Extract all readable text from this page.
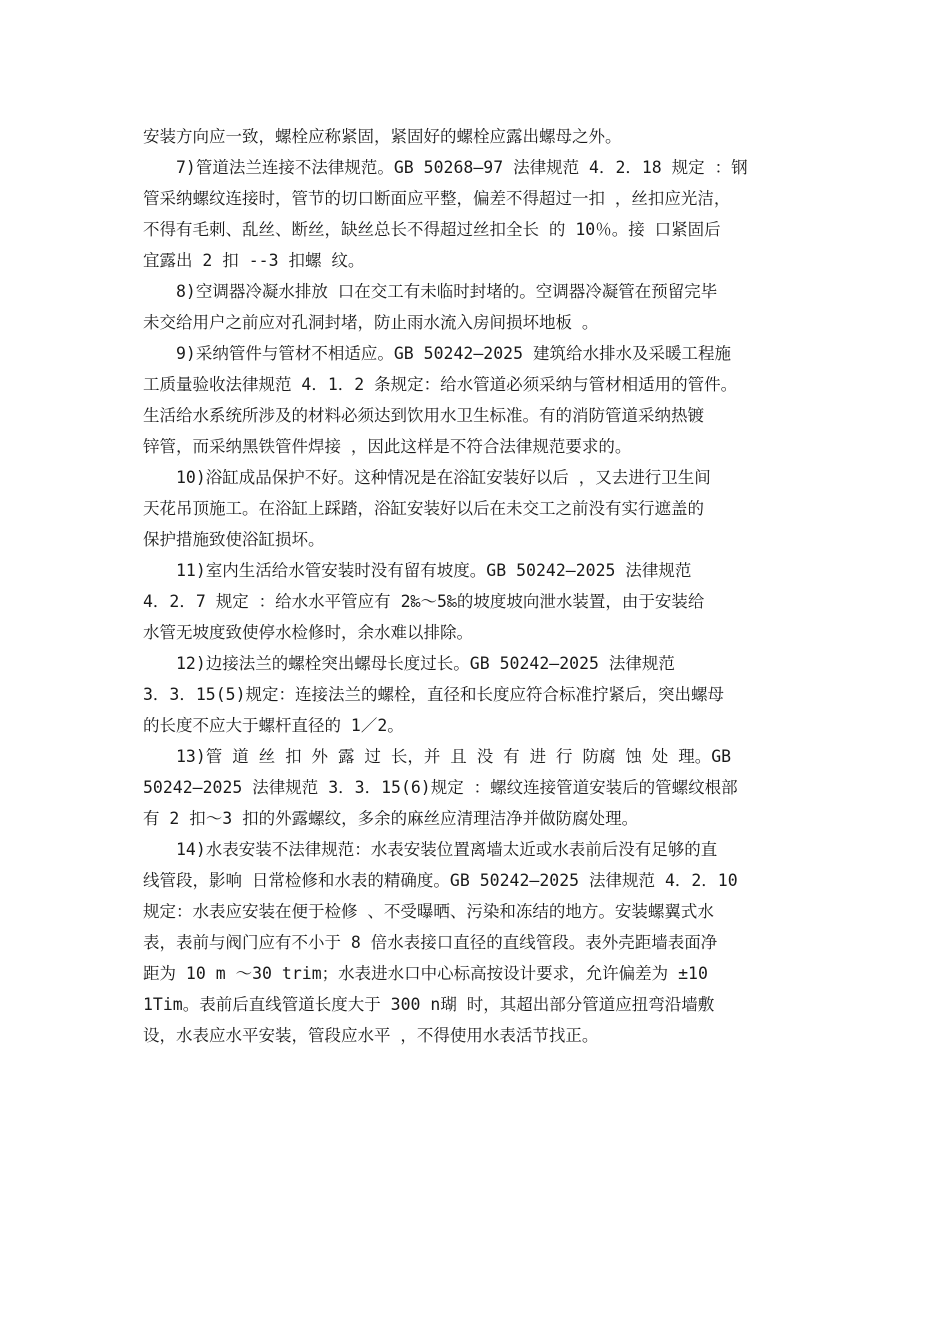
安装方向应一致，螺栓应称紧固，紧固好的螺栓应露出螺母之外。
7)管道法兰连接不法律规范。GB 50268—97 法律规范 4．2．18 规定 ：钢
管采纳螺纹连接时，管节的切口断面应平整，偏差不得超过一扣 ，丝扣应光洁，
不得有毛刺、乱丝、断丝，缺丝总长不得超过丝扣全长 的 10％。接 口紧固后
宜露出 2 扣 --3 扣螺 纹。
8)空调器冷凝水排放 口在交工有未临时封堵的。空调器冷凝管在预留完毕
未交给用户之前应对孔洞封堵，防止雨水流入房间损坏地板 。
9)采纳管件与管材不相适应。GB 50242—2025 建筑给水排水及采暖工程施
工质量验收法律规范 4．1．2 条规定：给水管道必须采纳与管材相适用的管件。
生活给水系统所涉及的材料必须达到饮用水卫生标准。有的消防管道采纳热镀
锌管，而采纳黑铁管件焊接 ，因此这样是不符合法律规范要求的。
10)浴缸成品保护不好。这种情况是在浴缸安装好以后 ，又去进行卫生间
天花吊顶施工。在浴缸上踩踏，浴缸安装好以后在未交工之前没有实行遮盖的
保护措施致使浴缸损坏。
11)室内生活给水管安装时没有留有坡度。GB 50242—2025 法律规范
4．2．7 规定 ：给水水平管应有 2‰～5‰的坡度坡向泄水装置，由于安装给
水管无坡度致使停水检修时，余水难以排除。
12)边接法兰的螺栓突出螺母长度过长。GB 50242—2025 法律规范
3．3．15(5)规定：连接法兰的螺栓，直径和长度应符合标准拧紧后，突出螺母
的长度不应大于螺杆直径的 1／2。
13)管 道 丝 扣 外 露 过 长，并 且 没 有 进 行 防腐 蚀 处 理。GB
50242—2025 法律规范 3．3．15(6)规定 ：螺纹连接管道安装后的管螺纹根部
有 2 扣～3 扣的外露螺纹，多余的麻丝应清理洁净并做防腐处理。
14)水表安装不法律规范：水表安装位置离墙太近或水表前后没有足够的直
线管段，影响 日常检修和水表的精确度。GB 50242—2025 法律规范 4．2．10
规定：水表应安装在便于检修 、不受曝晒、污染和冻结的地方。安装螺翼式水
表，表前与阀门应有不小于 8 倍水表接口直径的直线管段。表外壳距墙表面净
距为 10 m ～30 trim；水表进水口中心标高按设计要求，允许偏差为 ±10
1Tim。表前后直线管道长度大于 300 n瑚 时，其超出部分管道应扭弯沿墙敷
设，水表应水平安装，管段应水平 ，不得使用水表活节找正。
